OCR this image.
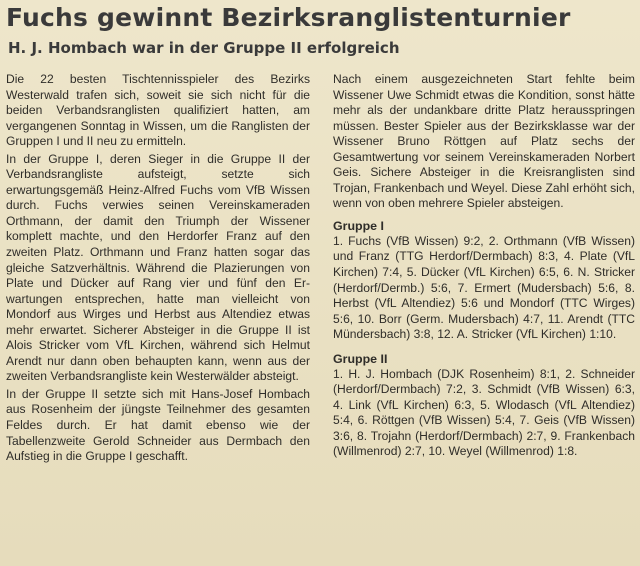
Fuchs gewinnt Bezirksranglistenturnier
H. J. Hombach war in der Gruppe II erfolgreich

Die 22 besten Tischtennisspieler des Bezirks Westerwald trafen sich, soweit sie sich nicht für die beiden Verbandsranglisten qualifiziert hatten, am vergangenen Sonntag in Wissen, um die Ranglisten der Gruppen I und II neu zu ermitteln.

In der Gruppe I, deren Sieger in die Gruppe II der Verbandsrangliste aufsteigt, setzte sich erwartungsgemäß Heinz-Alfred Fuchs vom VfB Wissen durch. Fuchs verwies seinen Vereinskameraden Orthmann, der damit den Triumph der Wissener komplett machte, und den Herdorfer Franz auf den zweiten Platz. Orthmann und Franz hatten sogar das gleiche Satzverhältnis. Während die Plazierungen von Plate und Dücker auf Rang vier und fünf den Erwartungen entsprechen, hatte man vielleicht von Mondorf aus Wirges und Herbst aus Altendiez etwas mehr erwartet. Sicherer Absteiger in die Gruppe II ist Alois Stricker vom VfL Kirchen, während sich Helmut Arendt nur dann oben behaupten kann, wenn aus der zweiten Verbandsrangliste kein Westerwälder absteigt.

In der Gruppe II setzte sich mit Hans-Josef Hombach aus Rosenheim der jüngste Teilnehmer des gesamten Feldes durch. Er hat damit ebenso wie der Tabellenzweite Gerold Schneider aus Dermbach den Aufstieg in die Gruppe I geschafft.

Nach einem ausgezeichneten Start fehlte beim Wissener Uwe Schmidt etwas die Kondition, sonst hätte mehr als der undankbare dritte Platz herausspringen müssen. Bester Spieler aus der Bezirksklasse war der Wissener Bruno Röttgen auf Platz sechs der Gesamtwertung vor seinem Vereinskameraden Norbert Geis. Sichere Absteiger in die Kreisranglisten sind Trojan, Frankenbach und Weyel. Diese Zahl erhöht sich, wenn von oben mehrere Spieler absteigen.

Gruppe I

1. Fuchs (VfB Wissen) 9:2, 2. Orthmann (VfB Wissen) und Franz (TTG Herdorf/Dermbach) 8:3, 4. Plate (VfL Kirchen) 7:4, 5. Dücker (VfL Kirchen) 6:5, 6. N. Stricker (Herdorf/Dermb.) 5:6, 7. Ermert (Mudersbach) 5:6, 8. Herbst (VfL Altendiez) 5:6 und Mondorf (TTC Wirges) 5:6, 10. Borr (Germ. Mudersbach) 4:7, 11. Arendt (TTC Mündersbach) 3:8, 12. A. Stricker (VfL Kirchen) 1:10.

Gruppe II

1. H. J. Hombach (DJK Rosenheim) 8:1, 2. Schneider (Herdorf/Dermbach) 7:2, 3. Schmidt (VfB Wissen) 6:3, 4. Link (VfL Kirchen) 6:3, 5. Wlodasch (VfL Altendiez) 5:4, 6. Röttgen (VfB Wissen) 5:4, 7. Geis (VfB Wissen) 3:6, 8. Trojahn (Herdorf/Dermbach) 2:7, 9. Frankenbach (Willmenrod) 2:7, 10. Weyel (Willmenrod) 1:8.
